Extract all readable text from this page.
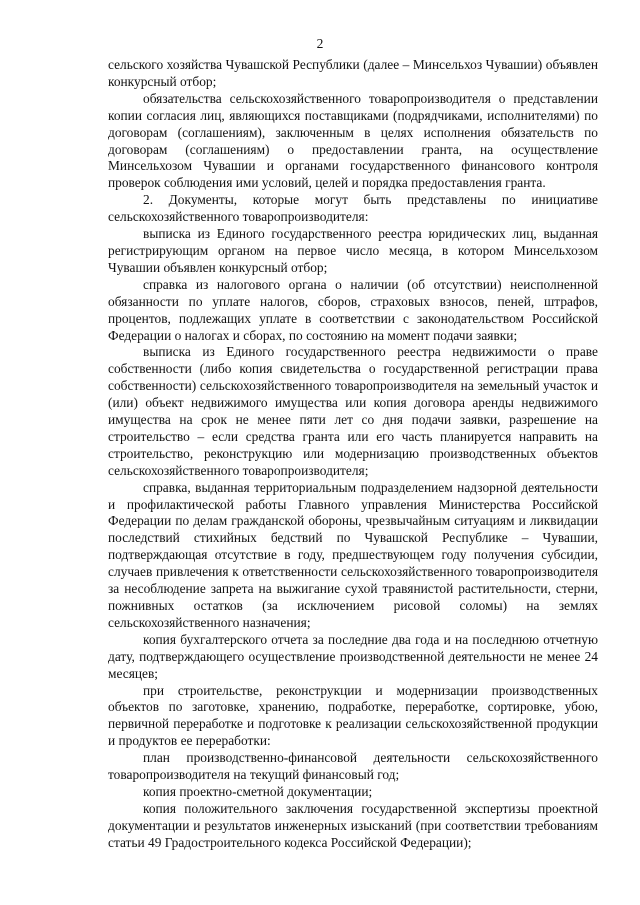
2

сельского хозяйства Чувашской Республики (далее – Минсельхоз Чувашии) объявлен конкурсный отбор;

обязательства сельскохозяйственного товаропроизводителя о представлении копии согласия лиц, являющихся поставщиками (подрядчиками, исполнителями) по договорам (соглашениям), заключенным в целях исполнения обязательств по договорам (соглашениям) о предоставлении гранта, на осуществление Минсельхозом Чувашии и органами государственного финансового контроля проверок соблюдения ими условий, целей и порядка предоставления гранта.

2. Документы, которые могут быть представлены по инициативе сельскохозяйственного товаропроизводителя:

выписка из Единого государственного реестра юридических лиц, выданная регистрирующим органом на первое число месяца, в котором Минсельхозом Чувашии объявлен конкурсный отбор;

справка из налогового органа о наличии (об отсутствии) неисполненной обязанности по уплате налогов, сборов, страховых взносов, пеней, штрафов, процентов, подлежащих уплате в соответствии с законодательством Российской Федерации о налогах и сборах, по состоянию на момент подачи заявки;

выписка из Единого государственного реестра недвижимости о праве собственности (либо копия свидетельства о государственной регистрации права собственности) сельскохозяйственного товаропроизводителя на земельный участок и (или) объект недвижимого имущества или копия договора аренды недвижимого имущества на срок не менее пяти лет со дня подачи заявки, разрешение на строительство – если средства гранта или его часть планируется направить на строительство, реконструкцию или модернизацию производственных объектов сельскохозяйственного товаропроизводителя;

справка, выданная территориальным подразделением надзорной деятельности и профилактической работы Главного управления Министерства Российской Федерации по делам гражданской обороны, чрезвычайным ситуациям и ликвидации последствий стихийных бедствий по Чувашской Республике – Чувашии, подтверждающая отсутствие в году, предшествующем году получения субсидии, случаев привлечения к ответственности сельскохозяйственного товаропроизводителя за несоблюдение запрета на выжигание сухой травянистой растительности, стерни, пожнивных остатков (за исключением рисовой соломы) на землях сельскохозяйственного назначения;

копия бухгалтерского отчета за последние два года и на последнюю отчетную дату, подтверждающего осуществление производственной деятельности не менее 24 месяцев;

при строительстве, реконструкции и модернизации производственных объектов по заготовке, хранению, подработке, переработке, сортировке, убою, первичной переработке и подготовке к реализации сельскохозяйственной продукции и продуктов ее переработки:

план производственно-финансовой деятельности сельскохозяйственного товаропроизводителя на текущий финансовый год;

копия проектно-сметной документации;

копия положительного заключения государственной экспертизы проектной документации и результатов инженерных изысканий (при соответствии требованиям статьи 49 Градостроительного кодекса Российской Федерации);
